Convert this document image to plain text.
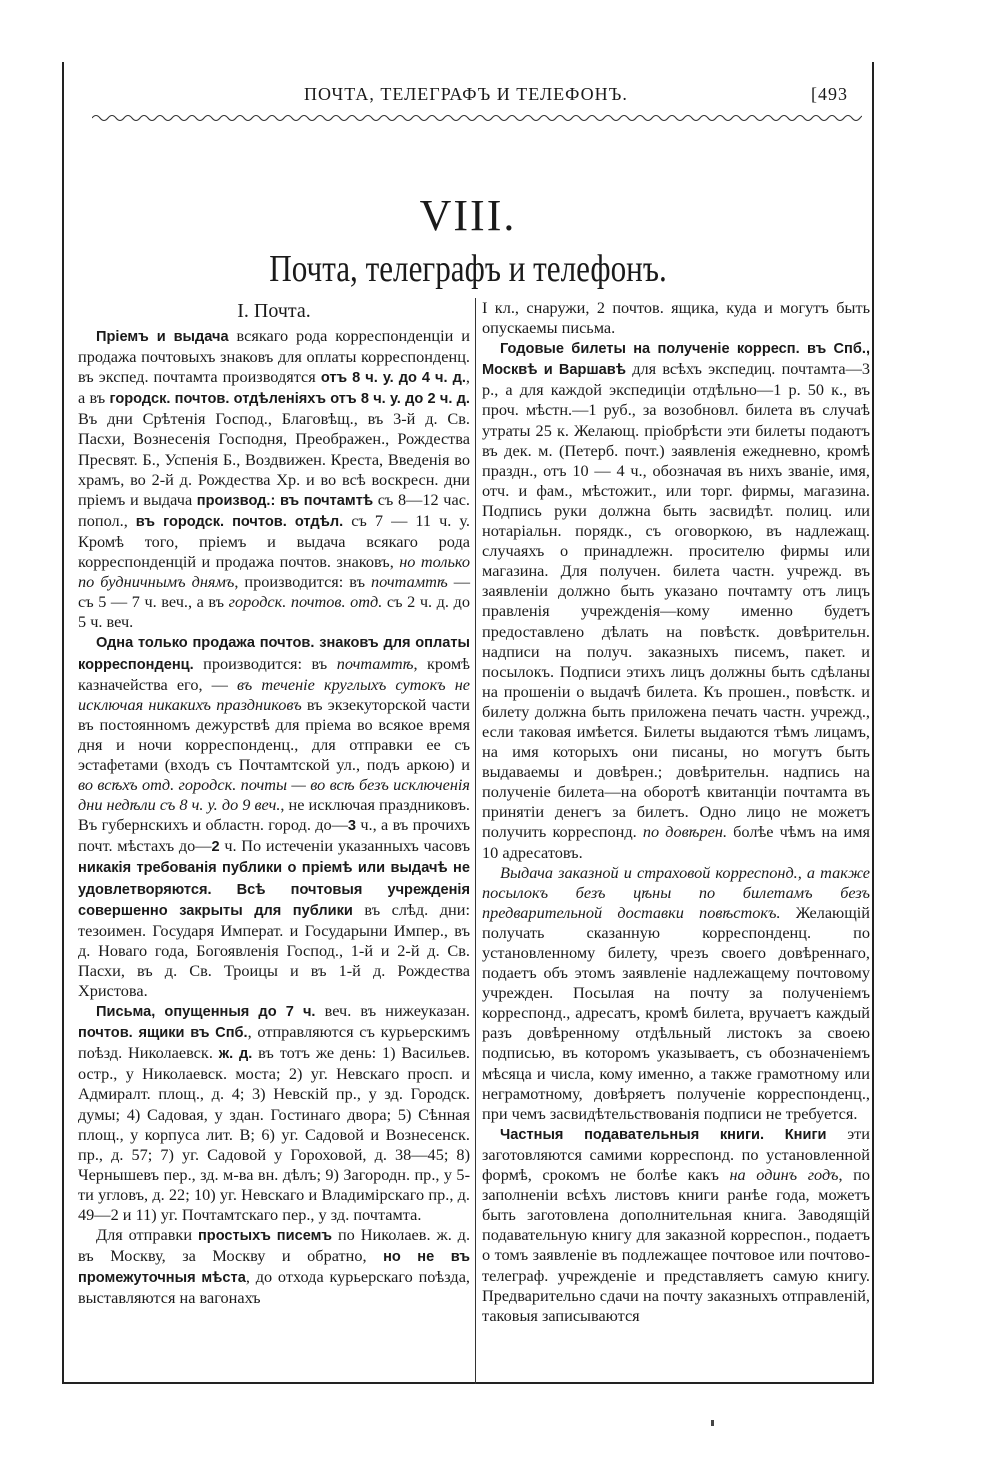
ПОЧТА, ТЕЛЕГРАФЪ И ТЕЛЕФОНЪ.	[493
VIII.
Почта, телеграфъ и телефонъ.
I. Почта.

Пріемъ и выдача всякаго рода корреспонденціи и продажа почтовыхъ знаковъ для оплаты корреспонденц. въ экспед. почтамта производятся отъ 8 ч. у. до 4 ч. д., а въ городск. почтов. отдѣленіяхъ отъ 8 ч. у. до 2 ч. д. Въ дни Срѣтенія Господ., Благовѣщ., въ 3-й д. Св. Пасхи, Вознесенія Господня, Преображен., Рождества Пресвят. Б., Успенія Б., Воздвижен. Креста, Введенія во храмъ, во 2-й д. Рождества Хр. и во всѣ воскресн. дни пріемъ и выдача производ.: въ почтамтѣ съ 8—12 час. попол., въ городск. почтов. отдѣл. съ 7 — 11 ч. у. Кромѣ того, пріемъ и выдача всякаго рода корреспонденцій и продажа почтов. знаковъ, но только по будничнымъ днямъ, производится: въ почтамтѣ — съ 5 — 7 ч. веч., а въ городск. почтов. отд. съ 2 ч. д. до 5 ч. веч.

Одна только продажа почтов. знаковъ для оплаты корреспонденц. производится: въ почтамтѣ, кромѣ казначейства его, — въ теченіе круглыхъ сутокъ не исключая никакихъ праздниковъ въ экзекуторской части въ постоянномъ дежурствѣ для пріема во всякое время дня и ночи корреспонденц., для отправки ее съ эстафетами (входъ съ Почтамтской ул., подъ аркою) и во всѣхъ отд. городск. почты — во всѣ безъ исключенія дни недѣли съ 8 ч. у. до 9 веч., не исключая праздниковъ. Въ губернскихъ и областн. город. до—3 ч., а въ прочихъ почт. мѣстахъ до—2 ч. По истеченіи указанныхъ часовъ никакія требованія публики о пріемѣ или выдачѣ не удовлетворяются. Всѣ почтовыя учрежденія совершенно закрыты для публики въ слѣд. дни: тезоимен. Государя Императ. и Государыни Импер., въ д. Новаго года, Богоявленія Господ., 1-й и 2-й д. Св. Пасхи, въ д. Св. Троицы и въ 1-й д. Рождества Христова.

Письма, опущенныя до 7 ч. веч. въ нижеуказан. почтов. ящики въ Спб., отправляются съ курьерскимъ поѣзд. Николаевск. ж. д. въ тотъ же день: 1) Васильев. остр., у Николаевск. моста; 2) уг. Невскаго просп. и Адмиралт. площ., д. 4; 3) Невскій пр., у зд. Городск. думы; 4) Садовая, у здан. Гостинаго двора; 5) Сѣнная площ., у корпуса лит. В; 6) уг. Садовой и Вознесенск. пр., д. 57; 7) уг. Садовой у Гороховой, д. 38—45; 8) Чернышевъ пер., зд. м-ва вн. дѣлъ; 9) Загородн. пр., у 5-ти угловъ, д. 22; 10) уг. Невскаго и Владимірскаго пр., д. 49—2 и 11) уг. Почтамтскаго пер., у зд. почтамта.

Для отправки простыхъ писемъ по Николаев. ж. д. въ Москву, за Москву и обратно, но не въ промежуточныя мѣста, до отхода курьерскаго поѣзда, выставляются на вагонахъ

I кл., снаружи, 2 почтов. ящика, куда и могутъ быть опускаемы письма.

Годовые билеты на полученіе корресп. въ Спб., Москвѣ и Варшавѣ для всѣхъ экспедиц. почтамта—3 р., а для каждой экспедиціи отдѣльно—1 р. 50 к., въ проч. мѣстн.—1 руб., за возобновл. билета въ случаѣ утраты 25 к. Желающ. пріобрѣсти эти билеты подаютъ въ дек. м. (Петерб. почт.) заявленія ежедневно, кромѣ праздн., отъ 10 — 4 ч., обозначая въ нихъ званіе, имя, отч. и фам., мѣстожит., или торг. фирмы, магазина. Подпись руки должна быть засвидѣт. полиц. или нотаріальн. порядк., съ оговоркою, въ надлежащ. случаяхъ о принадлежн. просителю фирмы или магазина. Для получен. билета частн. учрежд. въ заявленіи должно быть указано почтамту отъ лицъ правленія учрежденія—кому именно будетъ предоставлено дѣлать на повѣстк. довѣрительн. надписи на получ. заказныхъ писемъ, пакет. и посылокъ. Подписи этихъ лицъ должны быть сдѣланы на прошеніи о выдачѣ билета. Къ прошен., повѣстк. и билету должна быть приложена печать частн. учрежд., если таковая имѣется. Билеты выдаются тѣмъ лицамъ, на имя которыхъ они писаны, но могутъ быть выдаваемы и довѣрен.; довѣрительн. надпись на полученіе билета—на оборотѣ квитанціи почтамта въ принятіи денегъ за билетъ. Одно лицо не можетъ получить корреспонд. по довѣрен. болѣе чѣмъ на имя 10 адресатовъ.

Выдача заказной и страховой корреспонд., а также посылокъ безъ цѣны по билетамъ безъ предварительной доставки повѣстокъ. Желающій получать сказанную корреспонденц. по установленному билету, чрезъ своего довѣреннаго, подаетъ объ этомъ заявленіе надлежащему почтовому учрежден. Посылая на почту за полученіемъ корреспонд., адресатъ, кромѣ билета, вручаетъ каждый разъ довѣренному отдѣльный листокъ за своею подписью, въ которомъ указываетъ, съ обозначеніемъ мѣсяца и числа, кому именно, а также грамотному или неграмотному, довѣряетъ полученіе корреспонденц., при чемъ засвидѣтельствованія подписи не требуется.

Частныя подавательныя книги. Книги эти заготовляются самими корреспонд. по установленной формѣ, срокомъ не болѣе какъ на одинъ годъ, по заполненіи всѣхъ листовъ книги ранѣе года, можетъ быть заготовлена дополнительная книга. Заводящій подавательную книгу для заказной корреспон., подаетъ о томъ заявленіе въ подлежащее почтовое или почтово-телеграф. учрежденіе и представляетъ самую книгу. Предварительно сдачи на почту заказныхъ отправленій, таковыя записываются
